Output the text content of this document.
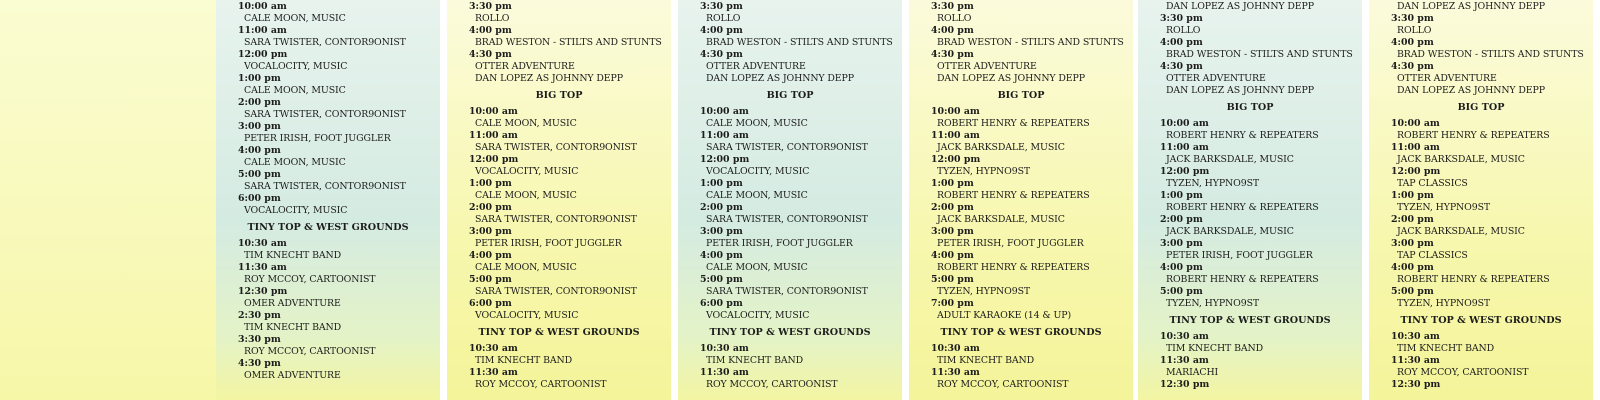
10:00 am
CALE MOON, MUSIC
11:00 am
SARA TWISTER, CONTOR9ONIST
12:00 pm
VOCALOCITY, MUSIC
1:00 pm
CALE MOON, MUSIC
2:00 pm
SARA TWISTER, CONTOR9ONIST
3:00 pm
PETER IRISH, FOOT JUGGLER
4:00 pm
CALE MOON, MUSIC
5:00 pm
SARA TWISTER, CONTOR9ONIST
6:00 pm
VOCALOCITY, MUSIC
TINY TOP & WEST GROUNDS
10:30 am
TIM KNECHT BAND
11:30 am
ROY MCCOY, CARTOONIST
12:30 pm
OMER ADVENTURE
2:30 pm
TIM KNECHT BAND
3:30 pm
ROY MCCOY, CARTOONIST
4:30 pm
OMER ADVENTURE
3:30 pm
ROLLO
4:00 pm
BRAD WESTON - STILTS AND STUNTS
4:30 pm
OTTER ADVENTURE
DAN LOPEZ AS JOHNNY DEPP
BIG TOP
10:00 am
CALE MOON, MUSIC
11:00 am
SARA TWISTER, CONTOR9ONIST
12:00 pm
VOCALOCITY, MUSIC
1:00 pm
CALE MOON, MUSIC
2:00 pm
SARA TWISTER, CONTOR9ONIST
3:00 pm
PETER IRISH, FOOT JUGGLER
4:00 pm
CALE MOON, MUSIC
5:00 pm
SARA TWISTER, CONTOR9ONIST
6:00 pm
VOCALOCITY, MUSIC
TINY TOP & WEST GROUNDS
10:30 am
TIM KNECHT BAND
11:30 am
ROY MCCOY, CARTOONIST
3:30 pm
ROLLO
4:00 pm
BRAD WESTON - STILTS AND STUNTS
4:30 pm
OTTER ADVENTURE
DAN LOPEZ AS JOHNNY DEPP
BIG TOP
10:00 am
CALE MOON, MUSIC
11:00 am
SARA TWISTER, CONTOR9ONIST
12:00 pm
VOCALOCITY, MUSIC
1:00 pm
CALE MOON, MUSIC
2:00 pm
SARA TWISTER, CONTOR9ONIST
3:00 pm
PETER IRISH, FOOT JUGGLER
4:00 pm
CALE MOON, MUSIC
5:00 pm
SARA TWISTER, CONTOR9ONIST
6:00 pm
VOCALOCITY, MUSIC
TINY TOP & WEST GROUNDS
10:30 am
TIM KNECHT BAND
11:30 am
ROY MCCOY, CARTOONIST
3:30 pm
ROLLO
4:00 pm
BRAD WESTON - STILTS AND STUNTS
4:30 pm
OTTER ADVENTURE
DAN LOPEZ AS JOHNNY DEPP
BIG TOP
10:00 am
ROBERT HENRY & REPEATERS
11:00 am
JACK BARKSDALE, MUSIC
12:00 pm
TYZEN, HYPNO9ST
1:00 pm
ROBERT HENRY & REPEATERS
2:00 pm
JACK BARKSDALE, MUSIC
3:00 pm
PETER IRISH, FOOT JUGGLER
4:00 pm
ROBERT HENRY & REPEATERS
5:00 pm
TYZEN, HYPNO9ST
7:00 pm
ADULT KARAOKE (14 & UP)
TINY TOP & WEST GROUNDS
10:30 am
TIM KNECHT BAND
11:30 am
ROY MCCOY, CARTOONIST
DAN LOPEZ AS JOHNNY DEPP
3:30 pm
ROLLO
4:00 pm
BRAD WESTON - STILTS AND STUNTS
4:30 pm
OTTER ADVENTURE
DAN LOPEZ AS JOHNNY DEPP
BIG TOP
10:00 am
ROBERT HENRY & REPEATERS
11:00 am
JACK BARKSDALE, MUSIC
12:00 pm
TYZEN, HYPNO9ST
1:00 pm
ROBERT HENRY & REPEATERS
2:00 pm
JACK BARKSDALE, MUSIC
3:00 pm
PETER IRISH, FOOT JUGGLER
4:00 pm
ROBERT HENRY & REPEATERS
5:00 pm
TYZEN, HYPNO9ST
TINY TOP & WEST GROUNDS
10:30 am
TIM KNECHT BAND
11:30 am
MARIACHI
12:30 pm
DAN LOPEZ AS JOHNNY DEPP
3:30 pm
ROLLO
4:00 pm
BRAD WESTON - STILTS AND STUNTS
4:30 pm
OTTER ADVENTURE
DAN LOPEZ AS JOHNNY DEPP
BIG TOP
10:00 am
ROBERT HENRY & REPEATERS
11:00 am
JACK BARKSDALE, MUSIC
12:00 pm
TAP CLASSICS
1:00 pm
TYZEN, HYPNO9ST
2:00 pm
JACK BARKSDALE, MUSIC
3:00 pm
TAP CLASSICS
4:00 pm
ROBERT HENRY & REPEATERS
5:00 pm
TYZEN, HYPNO9ST
TINY TOP & WEST GROUNDS
10:30 am
TIM KNECHT BAND
11:30 am
ROY MCCOY, CARTOONIST
12:30 pm
